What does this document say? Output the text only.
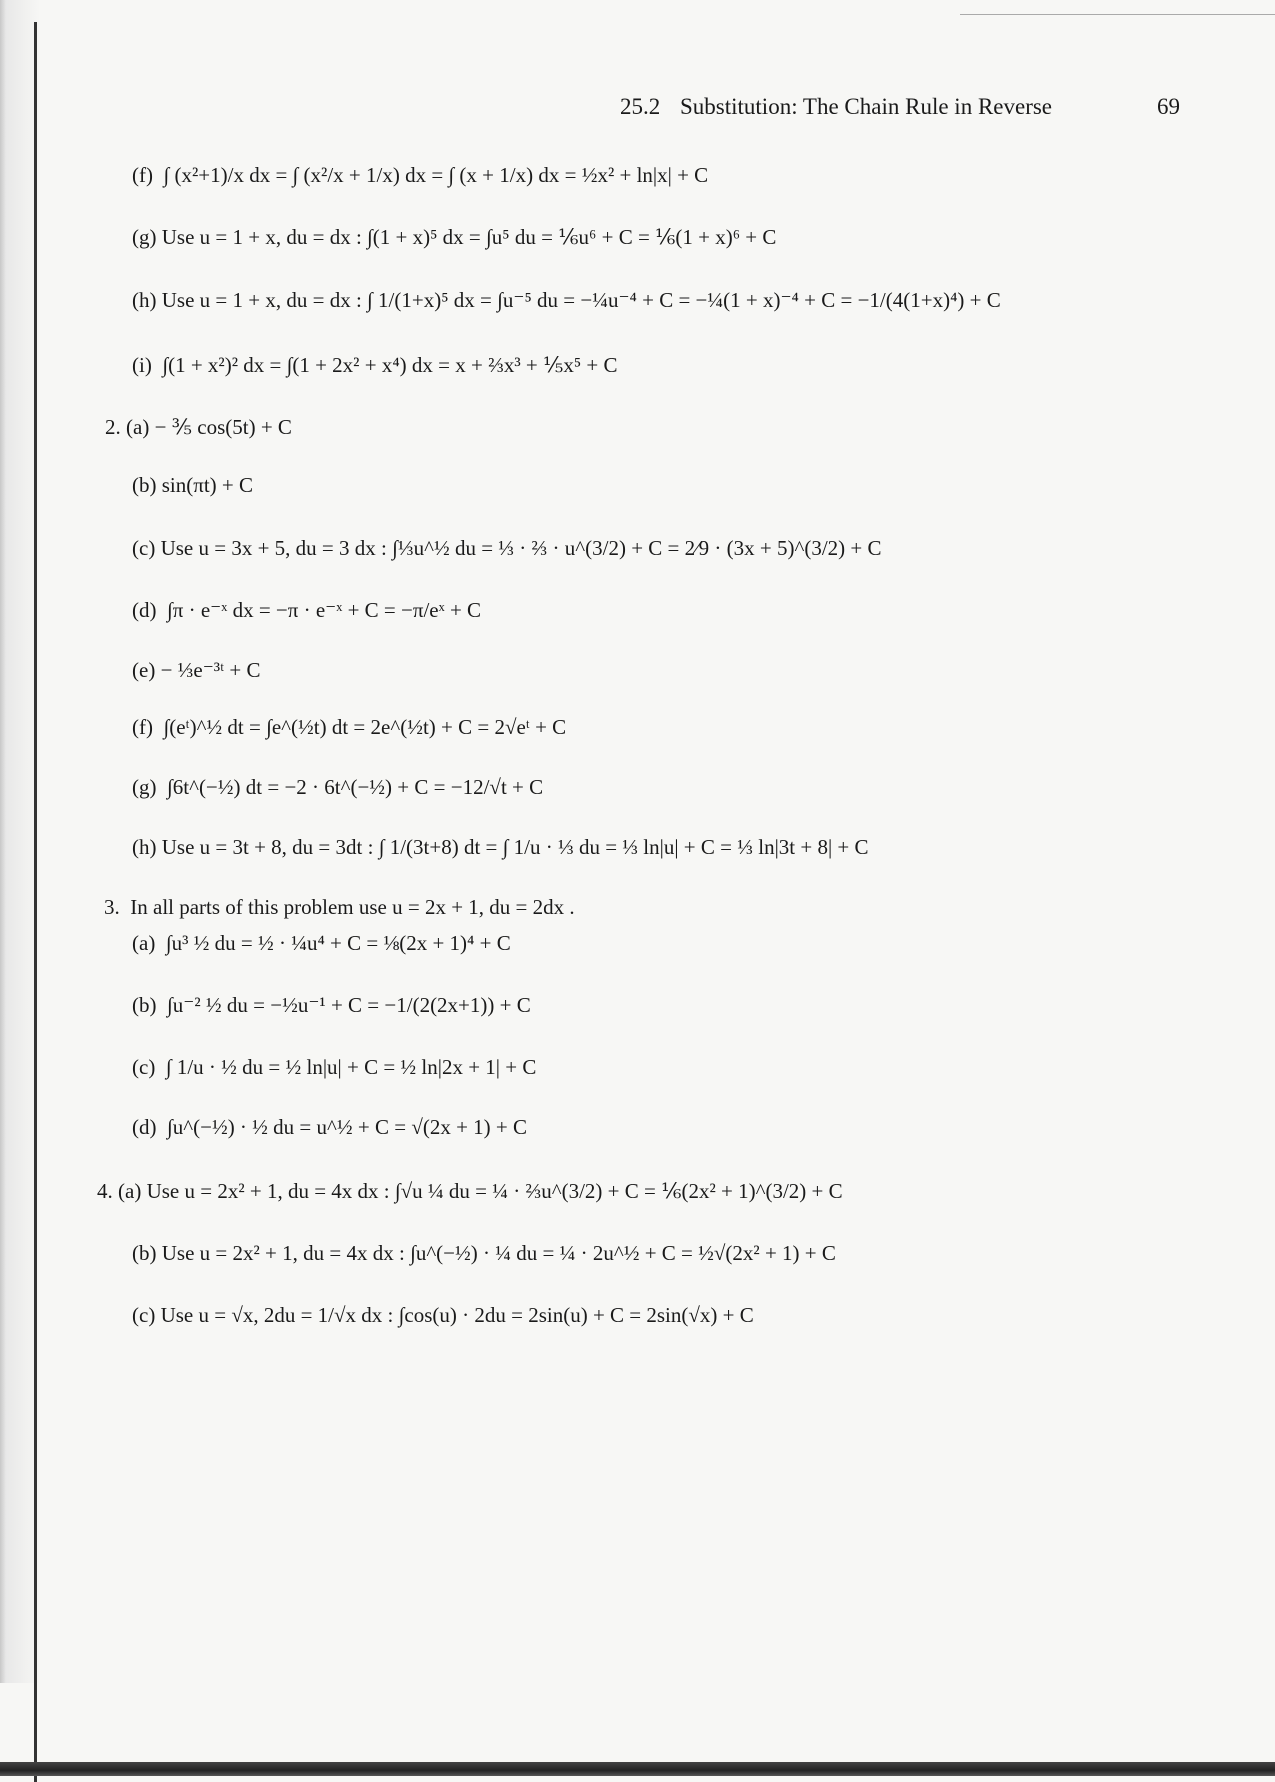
25.2 Substitution: The Chain Rule in Reverse	69
(f) ∫ (x²+1)/x dx = ∫ (x²/x + 1/x) dx = ∫ (x + 1/x) dx = ½x² + ln|x| + C
(g) Use u = 1 + x, du = dx : ∫(1 + x)⁵ dx = ∫u⁵ du = ⅙u⁶ + C = ⅙(1 + x)⁶ + C
(h) Use u = 1 + x, du = dx : ∫ 1/(1+x)⁵ dx = ∫u⁻⁵ du = −¼u⁻⁴ + C = −¼(1 + x)⁻⁴ + C = −1/(4(1+x)⁴) + C
(i) ∫(1 + x²)² dx = ∫(1 + 2x² + x⁴) dx = x + ⅔x³ + ⅕x⁵ + C
2. (a) − ⅗ cos(5t) + C
(b) sin(πt) + C
(c) Use u = 3x + 5, du = 3 dx : ∫⅓u^½ du = ⅓ · ⅔ · u^(3/2) + C = 2⁄9 · (3x + 5)^(3/2) + C
(d) ∫π · e⁻ˣ dx = −π · e⁻ˣ + C = −π/eˣ + C
(e) − ⅓e⁻³ᵗ + C
(f) ∫(eᵗ)^½ dt = ∫e^(½t) dt = 2e^(½t) + C = 2√eᵗ + C
(g) ∫6t^(−½) dt = −2 · 6t^(−½) + C = −12/√t + C
(h) Use u = 3t + 8, du = 3dt : ∫ 1/(3t+8) dt = ∫ 1/u · ⅓ du = ⅓ ln|u| + C = ⅓ ln|3t + 8| + C
3. In all parts of this problem use u = 2x + 1, du = 2dx .
(a) ∫u³ ½ du = ½ · ¼u⁴ + C = ⅛(2x + 1)⁴ + C
(b) ∫u⁻² ½ du = −½u⁻¹ + C = −1/(2(2x+1)) + C
(c) ∫ 1/u · ½ du = ½ ln|u| + C = ½ ln|2x + 1| + C
(d) ∫u^(−½) · ½ du = u^½ + C = √(2x + 1) + C
4. (a) Use u = 2x² + 1, du = 4x dx : ∫√u ¼ du = ¼ · ⅔u^(3/2) + C = ⅙(2x² + 1)^(3/2) + C
(b) Use u = 2x² + 1, du = 4x dx : ∫u^(−½) · ¼ du = ¼ · 2u^½ + C = ½√(2x² + 1) + C
(c) Use u = √x, 2du = 1/√x dx : ∫cos(u) · 2du = 2sin(u) + C = 2sin(√x) + C
